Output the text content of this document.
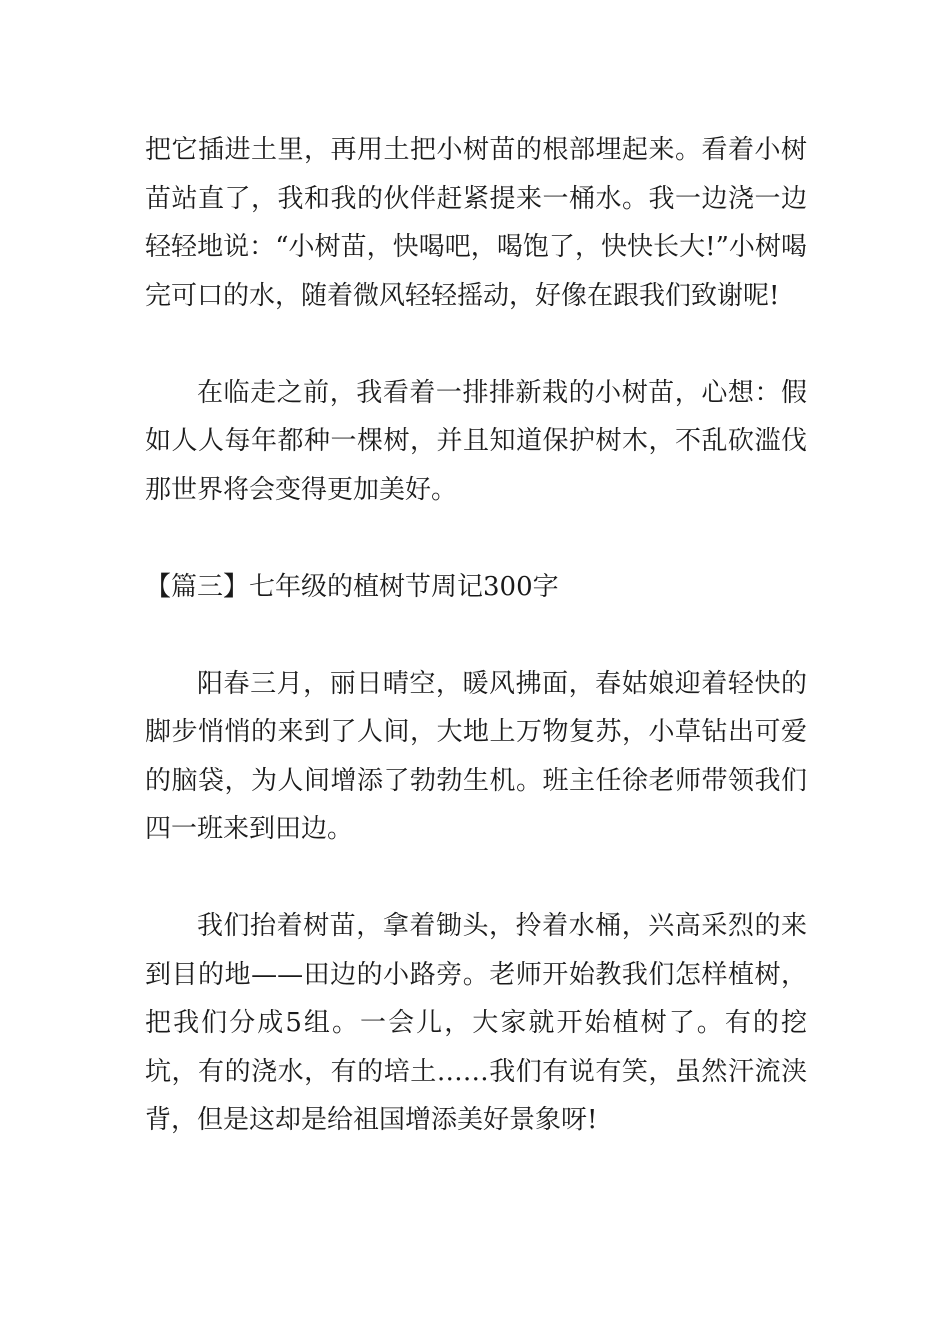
把它插进土里，再用土把小树苗的根部埋起来。看着小树苗站直了，我和我的伙伴赶紧提来一桶水。我一边浇一边轻轻地说：“小树苗，快喝吧，喝饱了，快快长大!”小树喝完可口的水，随着微风轻轻摇动，好像在跟我们致谢呢!

在临走之前，我看着一排排新栽的小树苗，心想：假如人人每年都种一棵树，并且知道保护树木，不乱砍滥伐那世界将会变得更加美好。

【篇三】七年级的植树节周记300字

阳春三月，丽日晴空，暖风拂面，春姑娘迎着轻快的脚步悄悄的来到了人间，大地上万物复苏，小草钻出可爱的脑袋，为人间增添了勃勃生机。班主任徐老师带领我们四一班来到田边。

我们抬着树苗，拿着锄头，拎着水桶，兴高采烈的来到目的地——田边的小路旁。老师开始教我们怎样植树，把我们分成5组。一会儿，大家就开始植树了。有的挖坑，有的浇水，有的培土……我们有说有笑，虽然汗流浃背，但是这却是给祖国增添美好景象呀!
